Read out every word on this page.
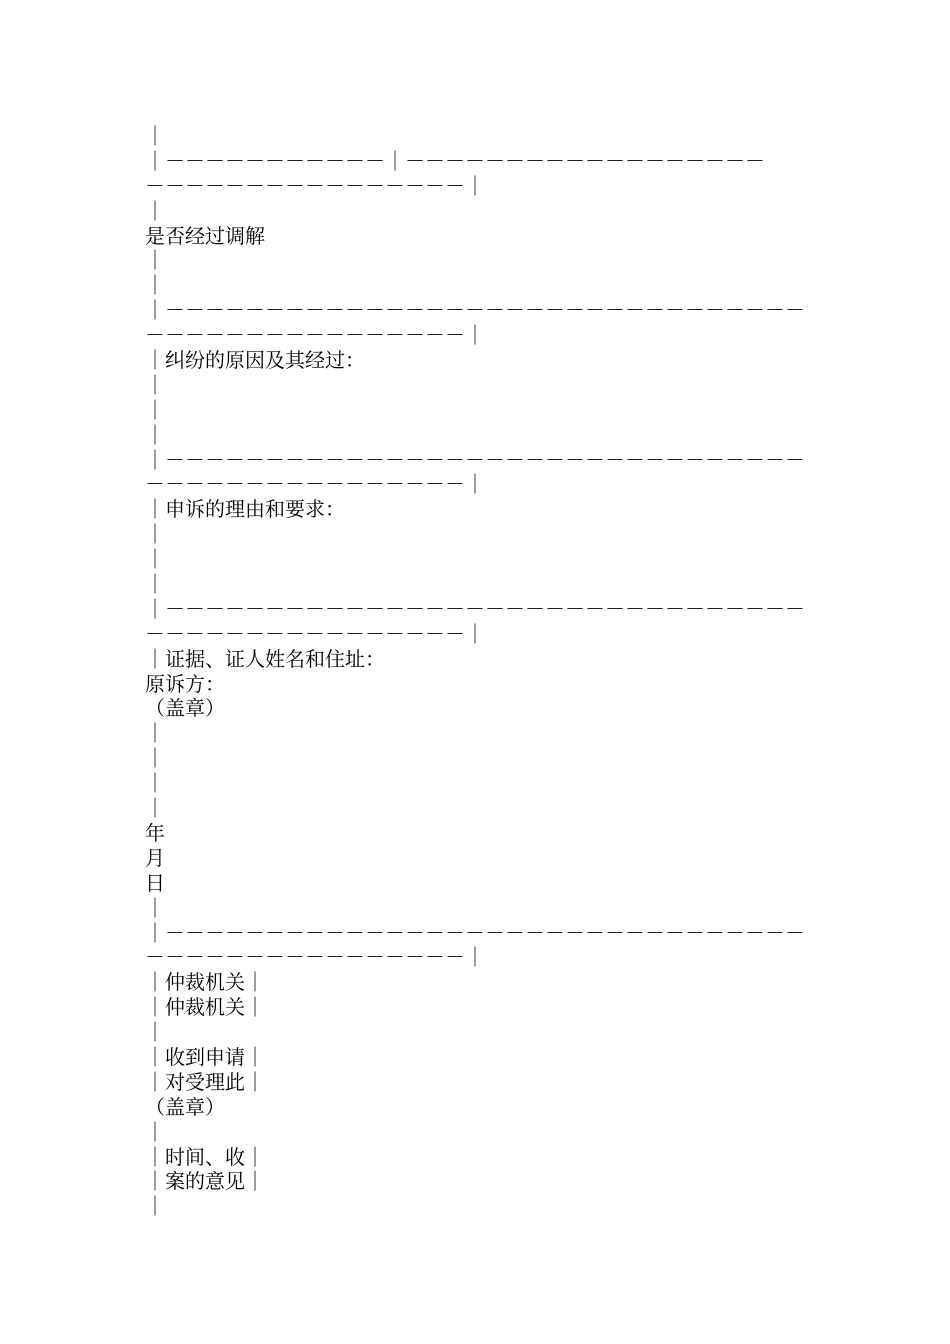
｜
｜－－－－－－－－－－－｜－－－－－－－－－－－－－－－－－－
－－－－－－－－－－－－－－－－｜
｜
是否经过调解
｜
｜
｜－－－－－－－－－－－－－－－－－－－－－－－－－－－－－－－－
－－－－－－－－－－－－－－－－｜
｜纠纷的原因及其经过：
｜
｜
｜
｜－－－－－－－－－－－－－－－－－－－－－－－－－－－－－－－－
－－－－－－－－－－－－－－－－｜
｜申诉的理由和要求：
｜
｜
｜
｜－－－－－－－－－－－－－－－－－－－－－－－－－－－－－－－－
－－－－－－－－－－－－－－－－｜
｜证据、证人姓名和住址：
原诉方：
（盖章）
｜
｜
｜
｜
年
月
日
｜
｜－－－－－－－－－－－－－－－－－－－－－－－－－－－－－－－－
－－－－－－－－－－－－－－－－｜
｜仲裁机关｜
｜仲裁机关｜
｜
｜收到申请｜
｜对受理此｜
（盖章）
｜
｜时间、收｜
｜案的意见｜
｜
